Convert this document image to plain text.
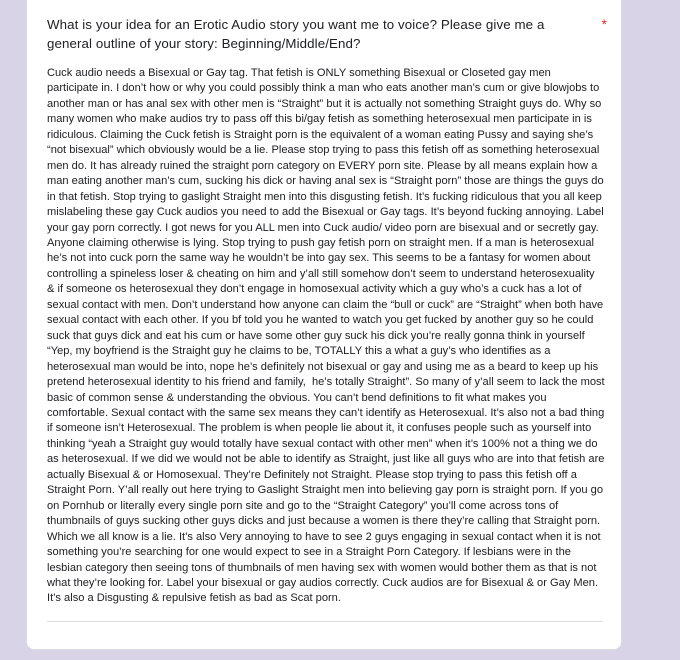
What is your idea for an Erotic Audio story you want me to voice? Please give me a general outline of your story: Beginning/Middle/End?
*
Cuck audio needs a Bisexual or Gay tag. That fetish is ONLY something Bisexual or Closeted gay men participate in. I don’t how or why you could possibly think a man who eats another man’s cum or give blowjobs to another man or has anal sex with other men is “Straight” but it is actually not something Straight guys do. Why so many women who make audios try to pass off this bi/gay fetish as something heterosexual men participate in is ridiculous. Claiming the Cuck fetish is Straight porn is the equivalent of a woman eating Pussy and saying she’s “not bisexual” which obviously would be a lie. Please stop trying to pass this fetish off as something heterosexual men do. It has already ruined the straight porn category on EVERY porn site. Please by all means explain how a man eating another man’s cum, sucking his dick or having anal sex is “Straight porn” those are things the guys do in that fetish. Stop trying to gaslight Straight men into this disgusting fetish. It’s fucking ridiculous that you all keep mislabeling these gay Cuck audios you need to add the Bisexual or Gay tags. It’s beyond fucking annoying. Label your gay porn correctly. I got news for you ALL men into Cuck audio/ video porn are bisexual and or secretly gay. Anyone claiming otherwise is lying. Stop trying to push gay fetish porn on straight men. If a man is heterosexual he’s not into cuck porn the same way he wouldn’t be into gay sex. This seems to be a fantasy for women about controlling a spineless loser & cheating on him and y’all still somehow don’t seem to understand heterosexuality & if someone os heterosexual they don’t engage in homosexual activity which a guy who’s a cuck has a lot of sexual contact with men. Don’t understand how anyone can claim the “bull or cuck” are “Straight” when both have sexual contact with each other. If you bf told you he wanted to watch you get fucked by another guy so he could suck that guys dick and eat his cum or have some other guy suck his dick you’re really gonna think in yourself “Yep, my boyfriend is the Straight guy he claims to be, TOTALLY this a what a guy’s who identifies as a heterosexual man would be into, nope he’s definitely not bisexual or gay and using me as a beard to keep up his pretend heterosexual identity to his friend and family,  he’s totally Straight”. So many of y’all seem to lack the most basic of common sense & understanding the obvious. You can’t bend definitions to fit what makes you comfortable. Sexual contact with the same sex means they can’t identify as Heterosexual. It’s also not a bad thing if someone isn’t Heterosexual. The problem is when people lie about it, it confuses people such as yourself into thinking “yeah a Straight guy would totally have sexual contact with other men” when it’s 100% not a thing we do as heterosexual. If we did we would not be able to identify as Straight, just like all guys who are into that fetish are actually Bisexual & or Homosexual. They’re Definitely not Straight. Please stop trying to pass this fetish off a Straight Porn. Y’all really out here trying to Gaslight Straight men into believing gay porn is straight porn. If you go on Pornhub or literally every single porn site and go to the “Straight Category” you’ll come across tons of thumbnails of guys sucking other guys dicks and just because a women is there they’re calling that Straight porn. Which we all know is a lie. It’s also Very annoying to have to see 2 guys engaging in sexual contact when it is not something you’re searching for one would expect to see in a Straight Porn Category. If lesbians were in the lesbian category then seeing tons of thumbnails of men having sex with women would bother them as that is not what they’re looking for. Label your bisexual or gay audios correctly. Cuck audios are for Bisexual & or Gay Men.  It’s also a Disgusting & repulsive fetish as bad as Scat porn.
